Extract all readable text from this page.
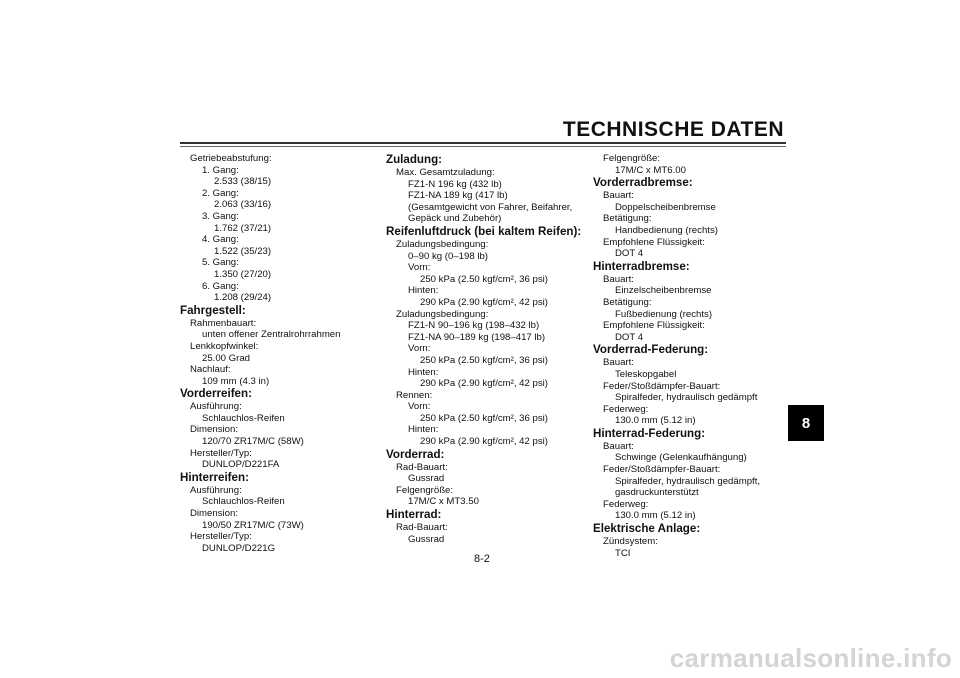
TECHNISCHE DATEN
Getriebeabstufung:
1. Gang:
2.533 (38/15)
2. Gang:
2.063 (33/16)
3. Gang:
1.762 (37/21)
4. Gang:
1.522 (35/23)
5. Gang:
1.350 (27/20)
6. Gang:
1.208 (29/24)
Fahrgestell:
Rahmenbauart:
unten offener Zentralrohrrahmen
Lenkkopfwinkel:
25.00 Grad
Nachlauf:
109 mm (4.3 in)
Vorderreifen:
Ausführung:
Schlauchlos-Reifen
Dimension:
120/70 ZR17M/C (58W)
Hersteller/Typ:
DUNLOP/D221FA
Hinterreifen:
Ausführung:
Schlauchlos-Reifen
Dimension:
190/50 ZR17M/C (73W)
Hersteller/Typ:
DUNLOP/D221G
Zuladung:
Max. Gesamtzuladung:
FZ1-N 196 kg (432 lb)
FZ1-NA 189 kg (417 lb)
(Gesamtgewicht von Fahrer, Beifahrer,
Gepäck und Zubehör)
Reifenluftdruck (bei kaltem Reifen):
Zuladungsbedingung:
0–90 kg (0–198 lb)
Vorn:
250 kPa (2.50 kgf/cm², 36 psi)
Hinten:
290 kPa (2.90 kgf/cm², 42 psi)
Zuladungsbedingung:
FZ1-N 90–196 kg (198–432 lb)
FZ1-NA 90–189 kg (198–417 lb)
Vorn:
250 kPa (2.50 kgf/cm², 36 psi)
Hinten:
290 kPa (2.90 kgf/cm², 42 psi)
Rennen:
Vorn:
250 kPa (2.50 kgf/cm², 36 psi)
Hinten:
290 kPa (2.90 kgf/cm², 42 psi)
Vorderrad:
Rad-Bauart:
Gussrad
Felgengröße:
17M/C x MT3.50
Hinterrad:
Rad-Bauart:
Gussrad
Felgengröße:
17M/C x MT6.00
Vorderradbremse:
Bauart:
Doppelscheibenbremse
Betätigung:
Handbedienung (rechts)
Empfohlene Flüssigkeit:
DOT 4
Hinterradbremse:
Bauart:
Einzelscheibenbremse
Betätigung:
Fußbedienung (rechts)
Empfohlene Flüssigkeit:
DOT 4
Vorderrad-Federung:
Bauart:
Teleskopgabel
Feder/Stoßdämpfer-Bauart:
Spiralfeder, hydraulisch gedämpft
Federweg:
130.0 mm (5.12 in)
Hinterrad-Federung:
Bauart:
Schwinge (Gelenkaufhängung)
Feder/Stoßdämpfer-Bauart:
Spiralfeder, hydraulisch gedämpft,
gasdruckunterstützt
Federweg:
130.0 mm (5.12 in)
Elektrische Anlage:
Zündsystem:
TCI
8
8-2
carmanualsonline.info
